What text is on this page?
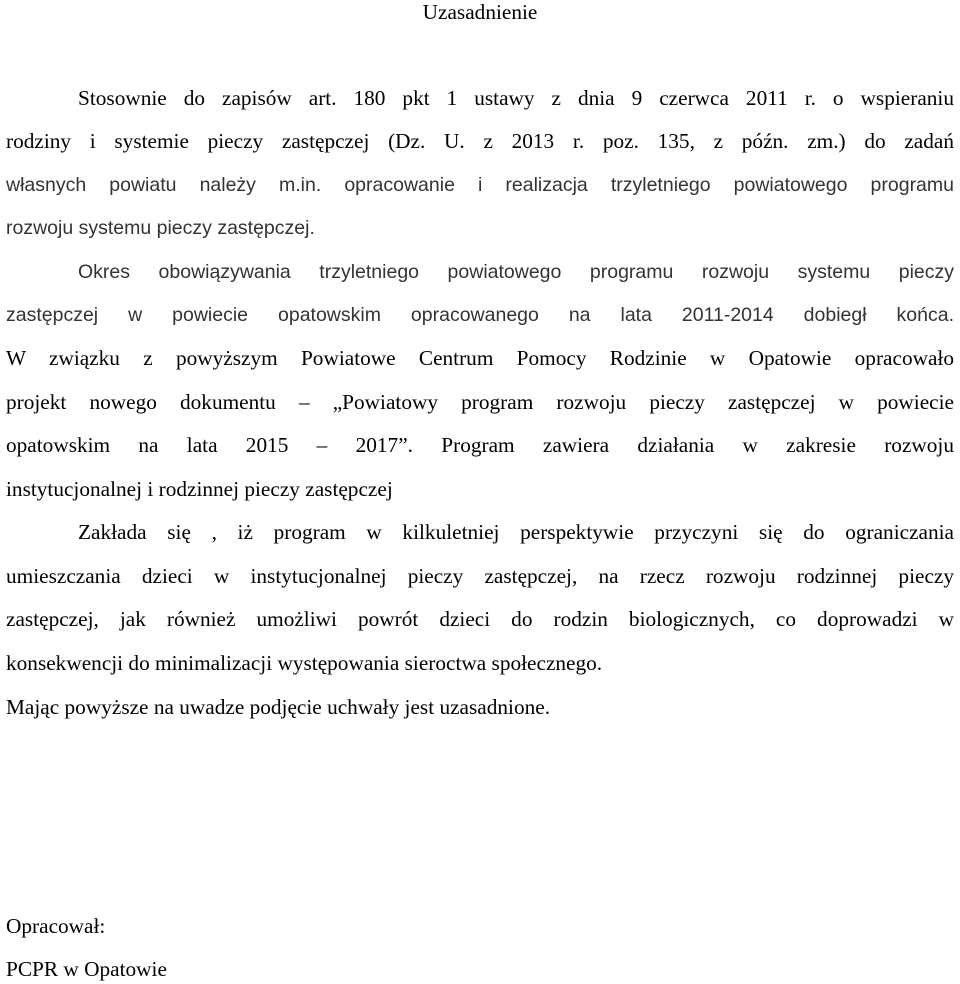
Uzasadnienie
Stosownie do zapisów art. 180 pkt 1 ustawy z dnia 9 czerwca 2011 r. o wspieraniu
rodziny i systemie pieczy zastępczej (Dz. U. z 2013 r. poz. 135, z późn. zm.) do zadań
własnych powiatu należy m.in. opracowanie i realizacja trzyletniego powiatowego programu
rozwoju systemu pieczy zastępczej.
Okres obowiązywania trzyletniego powiatowego programu rozwoju systemu pieczy
zastępczej w powiecie opatowskim opracowanego na lata 2011-2014 dobiegł końca.
W związku z powyższym Powiatowe Centrum Pomocy Rodzinie w Opatowie opracowało
projekt nowego dokumentu – „Powiatowy program rozwoju pieczy zastępczej w powiecie
opatowskim na lata 2015 – 2017”. Program zawiera działania w zakresie rozwoju
instytucjonalnej i rodzinnej pieczy zastępczej
Zakłada się , iż program w kilkuletniej perspektywie przyczyni się do ograniczania
umieszczania dzieci w instytucjonalnej pieczy zastępczej, na rzecz rozwoju rodzinnej pieczy
zastępczej, jak również umożliwi powrót dzieci do rodzin biologicznych, co doprowadzi w
konsekwencji do minimalizacji występowania sieroctwa społecznego.
Mając powyższe na uwadze podjęcie uchwały jest uzasadnione.
Opracował:
PCPR w Opatowie
